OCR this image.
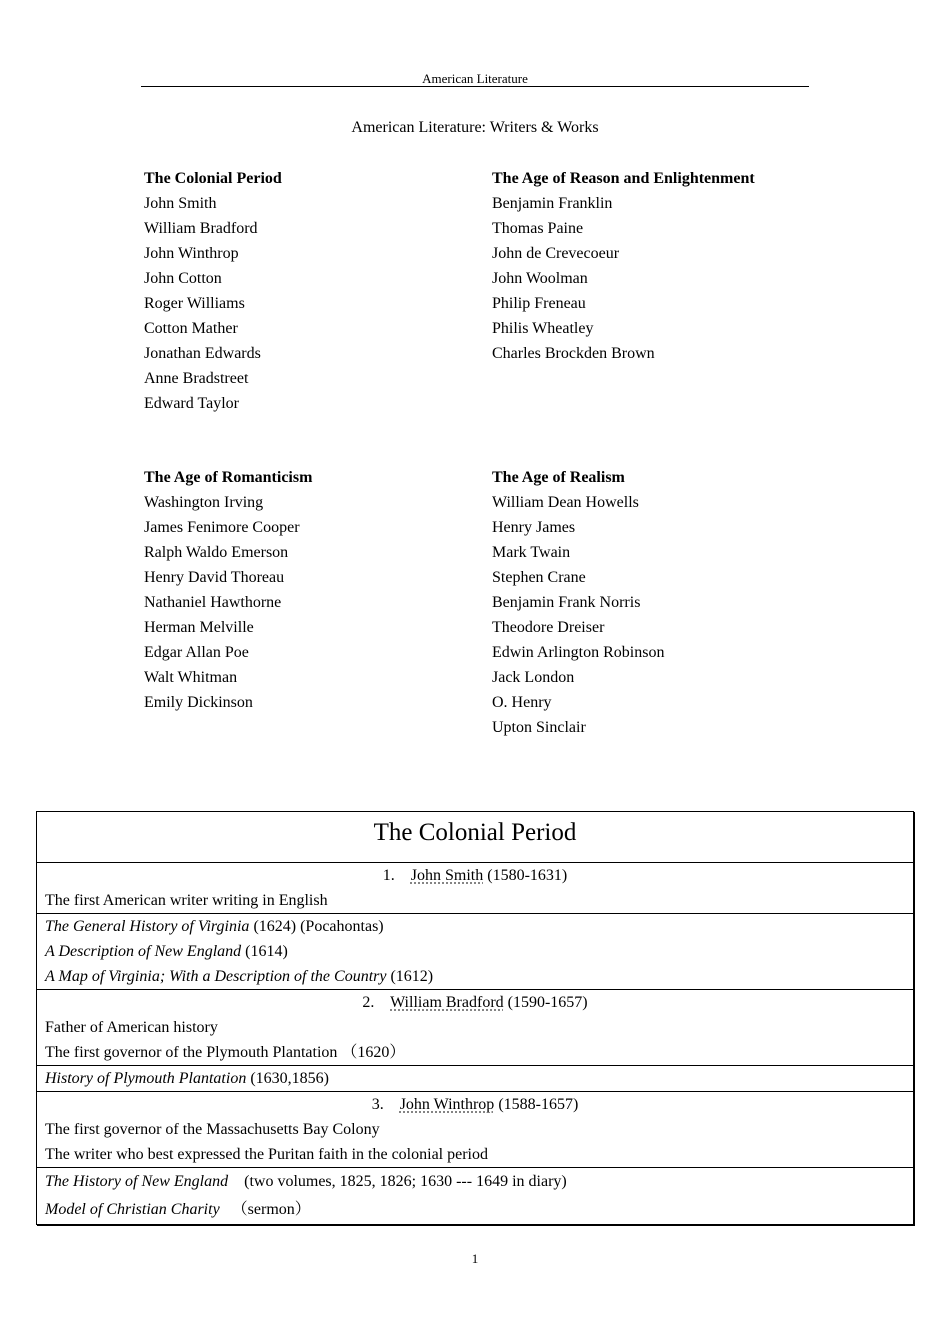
American Literature
American Literature: Writers & Works
The Colonial Period
John Smith
William Bradford
John Winthrop
John Cotton
Roger Williams
Cotton Mather
Jonathan Edwards
Anne Bradstreet
Edward Taylor
The Age of Reason and Enlightenment
Benjamin Franklin
Thomas Paine
John de Crevecoeur
John Woolman
Philip Freneau
Philis Wheatley
Charles Brockden Brown
The Age of Romanticism
Washington Irving
James Fenimore Cooper
Ralph Waldo Emerson
Henry David Thoreau
Nathaniel Hawthorne
Herman Melville
Edgar Allan Poe
Walt Whitman
Emily Dickinson
The Age of Realism
William Dean Howells
Henry James
Mark Twain
Stephen Crane
Benjamin Frank Norris
Theodore Dreiser
Edwin Arlington Robinson
Jack London
O. Henry
Upton Sinclair
The Colonial Period
1. John Smith (1580-1631)
The first American writer writing in English
The General History of Virginia (1624) (Pocahontas)
A Description of New England (1614)
A Map of Virginia; With a Description of the Country (1612)
2. William Bradford (1590-1657)
Father of American history
The first governor of the Plymouth Plantation （1620）
History of Plymouth Plantation (1630,1856)
3. John Winthrop (1588-1657)
The first governor of the Massachusetts Bay Colony
The writer who best expressed the Puritan faith in the colonial period
The History of New England (two volumes, 1825, 1826; 1630 --- 1649 in diary)
Model of Christian Charity （sermon）
1
